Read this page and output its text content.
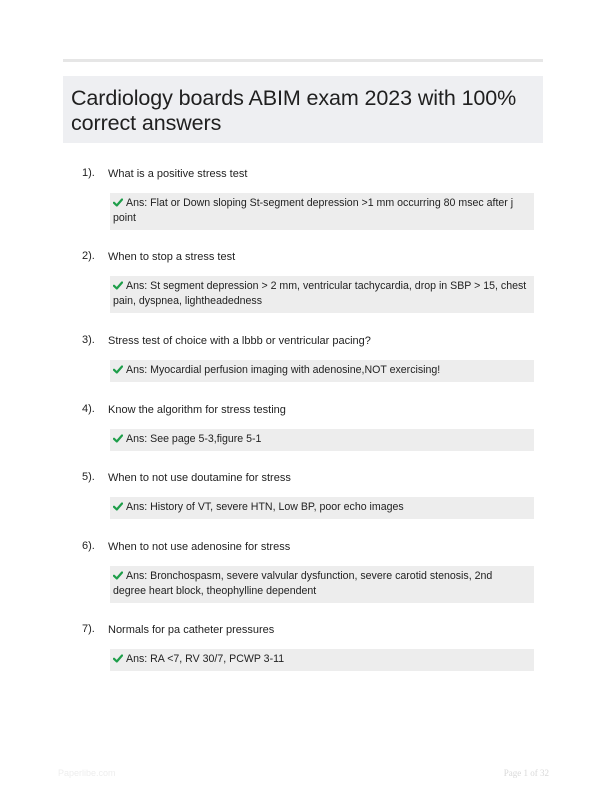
Cardiology boards ABIM exam 2023 with 100% correct answers
1). What is a positive stress test
Ans: Flat or Down sloping St-segment depression >1 mm occurring 80 msec after j point
2). When to stop a stress test
Ans: St segment depression > 2 mm, ventricular tachycardia, drop in SBP > 15, chest pain, dyspnea, lightheadedness
3). Stress test of choice with a lbbb or ventricular pacing?
Ans: Myocardial perfusion imaging with adenosine,NOT exercising!
4). Know the algorithm for stress testing
Ans: See page 5-3,figure 5-1
5). When to not use doutamine for stress
Ans: History of VT, severe HTN, Low BP, poor echo images
6). When to not use adenosine for stress
Ans: Bronchospasm, severe valvular dysfunction, severe carotid stenosis, 2nd degree heart block, theophylline dependent
7). Normals for pa catheter pressures
Ans: RA <7, RV 30/7, PCWP 3-11
Paperlibe.com	Page 1 of 32
